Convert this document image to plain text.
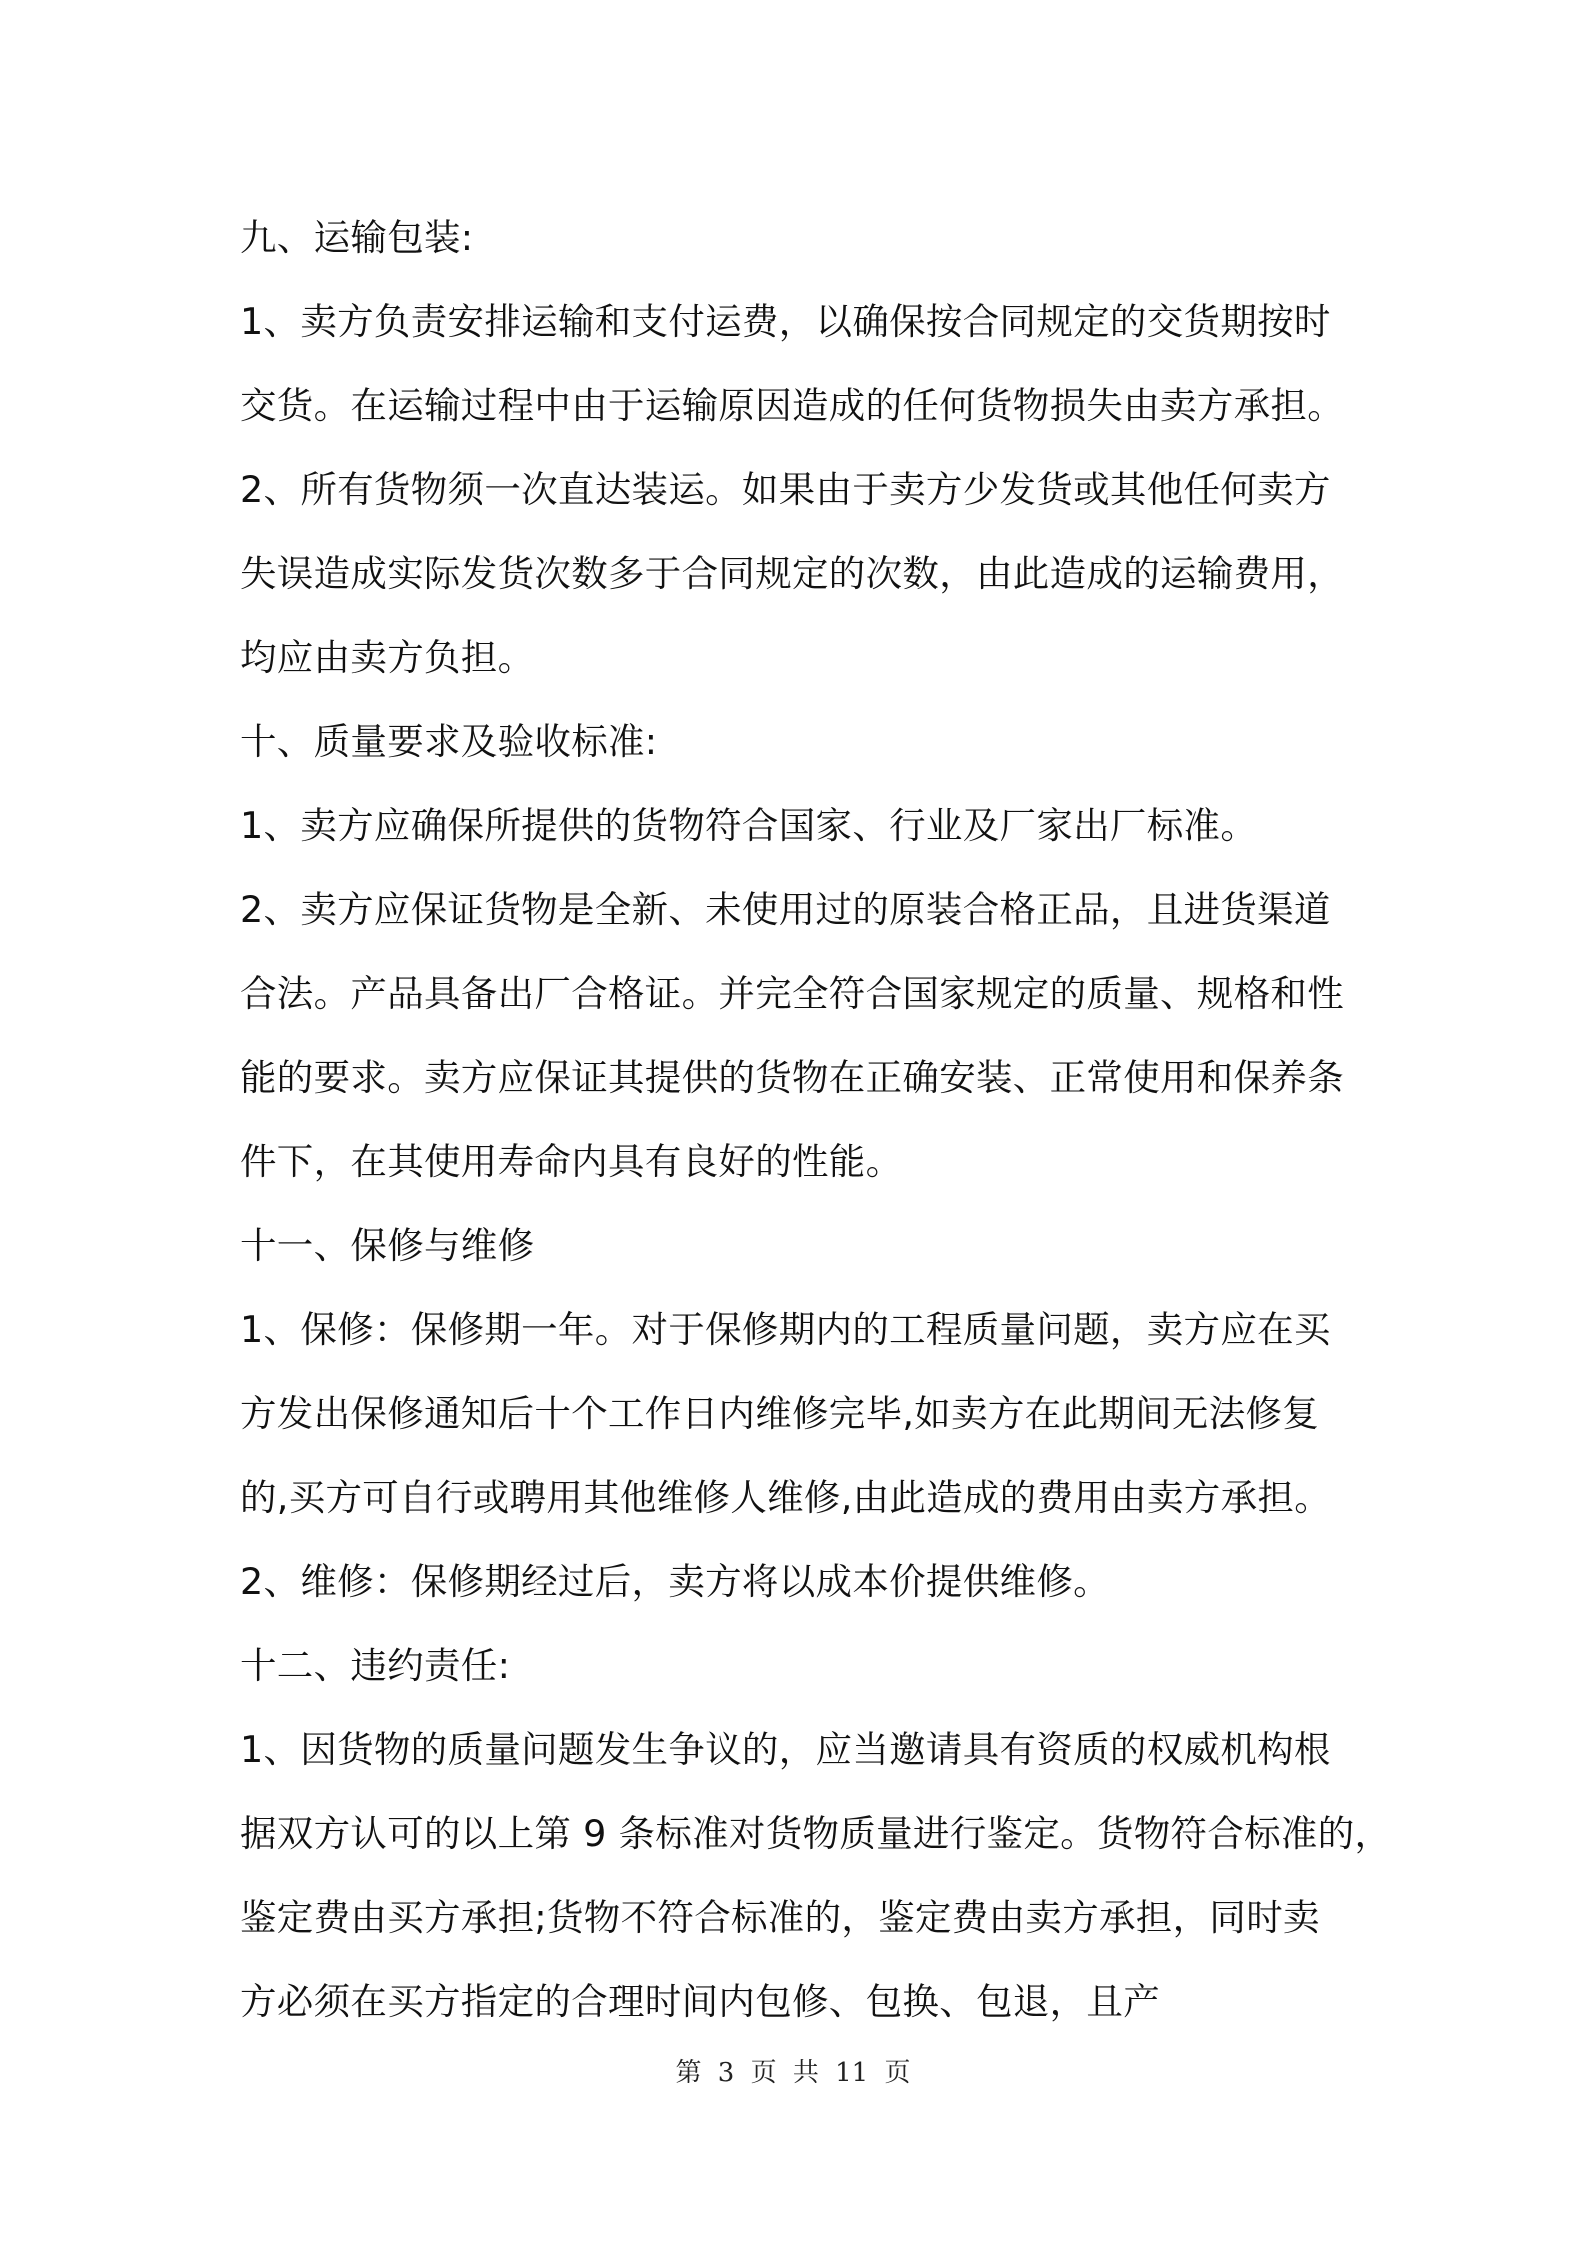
九、运输包装:
1、卖方负责安排运输和支付运费，以确保按合同规定的交货期按时
交货。在运输过程中由于运输原因造成的任何货物损失由卖方承担。
2、所有货物须一次直达装运。如果由于卖方少发货或其他任何卖方
失误造成实际发货次数多于合同规定的次数，由此造成的运输费用，
均应由卖方负担。
十、质量要求及验收标准:
1、卖方应确保所提供的货物符合国家、行业及厂家出厂标准。
2、卖方应保证货物是全新、未使用过的原装合格正品，且进货渠道
合法。产品具备出厂合格证。并完全符合国家规定的质量、规格和性
能的要求。卖方应保证其提供的货物在正确安装、正常使用和保养条
件下，在其使用寿命内具有良好的性能。
十一、保修与维修
1、保修：保修期一年。对于保修期内的工程质量问题，卖方应在买
方发出保修通知后十个工作日内维修完毕,如卖方在此期间无法修复
的,买方可自行或聘用其他维修人维修,由此造成的费用由卖方承担。
2、维修：保修期经过后，卖方将以成本价提供维修。
十二、违约责任:
1、因货物的质量问题发生争议的，应当邀请具有资质的权威机构根
据双方认可的以上第 9 条标准对货物质量进行鉴定。货物符合标准的，
鉴定费由买方承担;货物不符合标准的，鉴定费由卖方承担，同时卖
方必须在买方指定的合理时间内包修、包换、包退，且产
第 3 页 共 11 页
